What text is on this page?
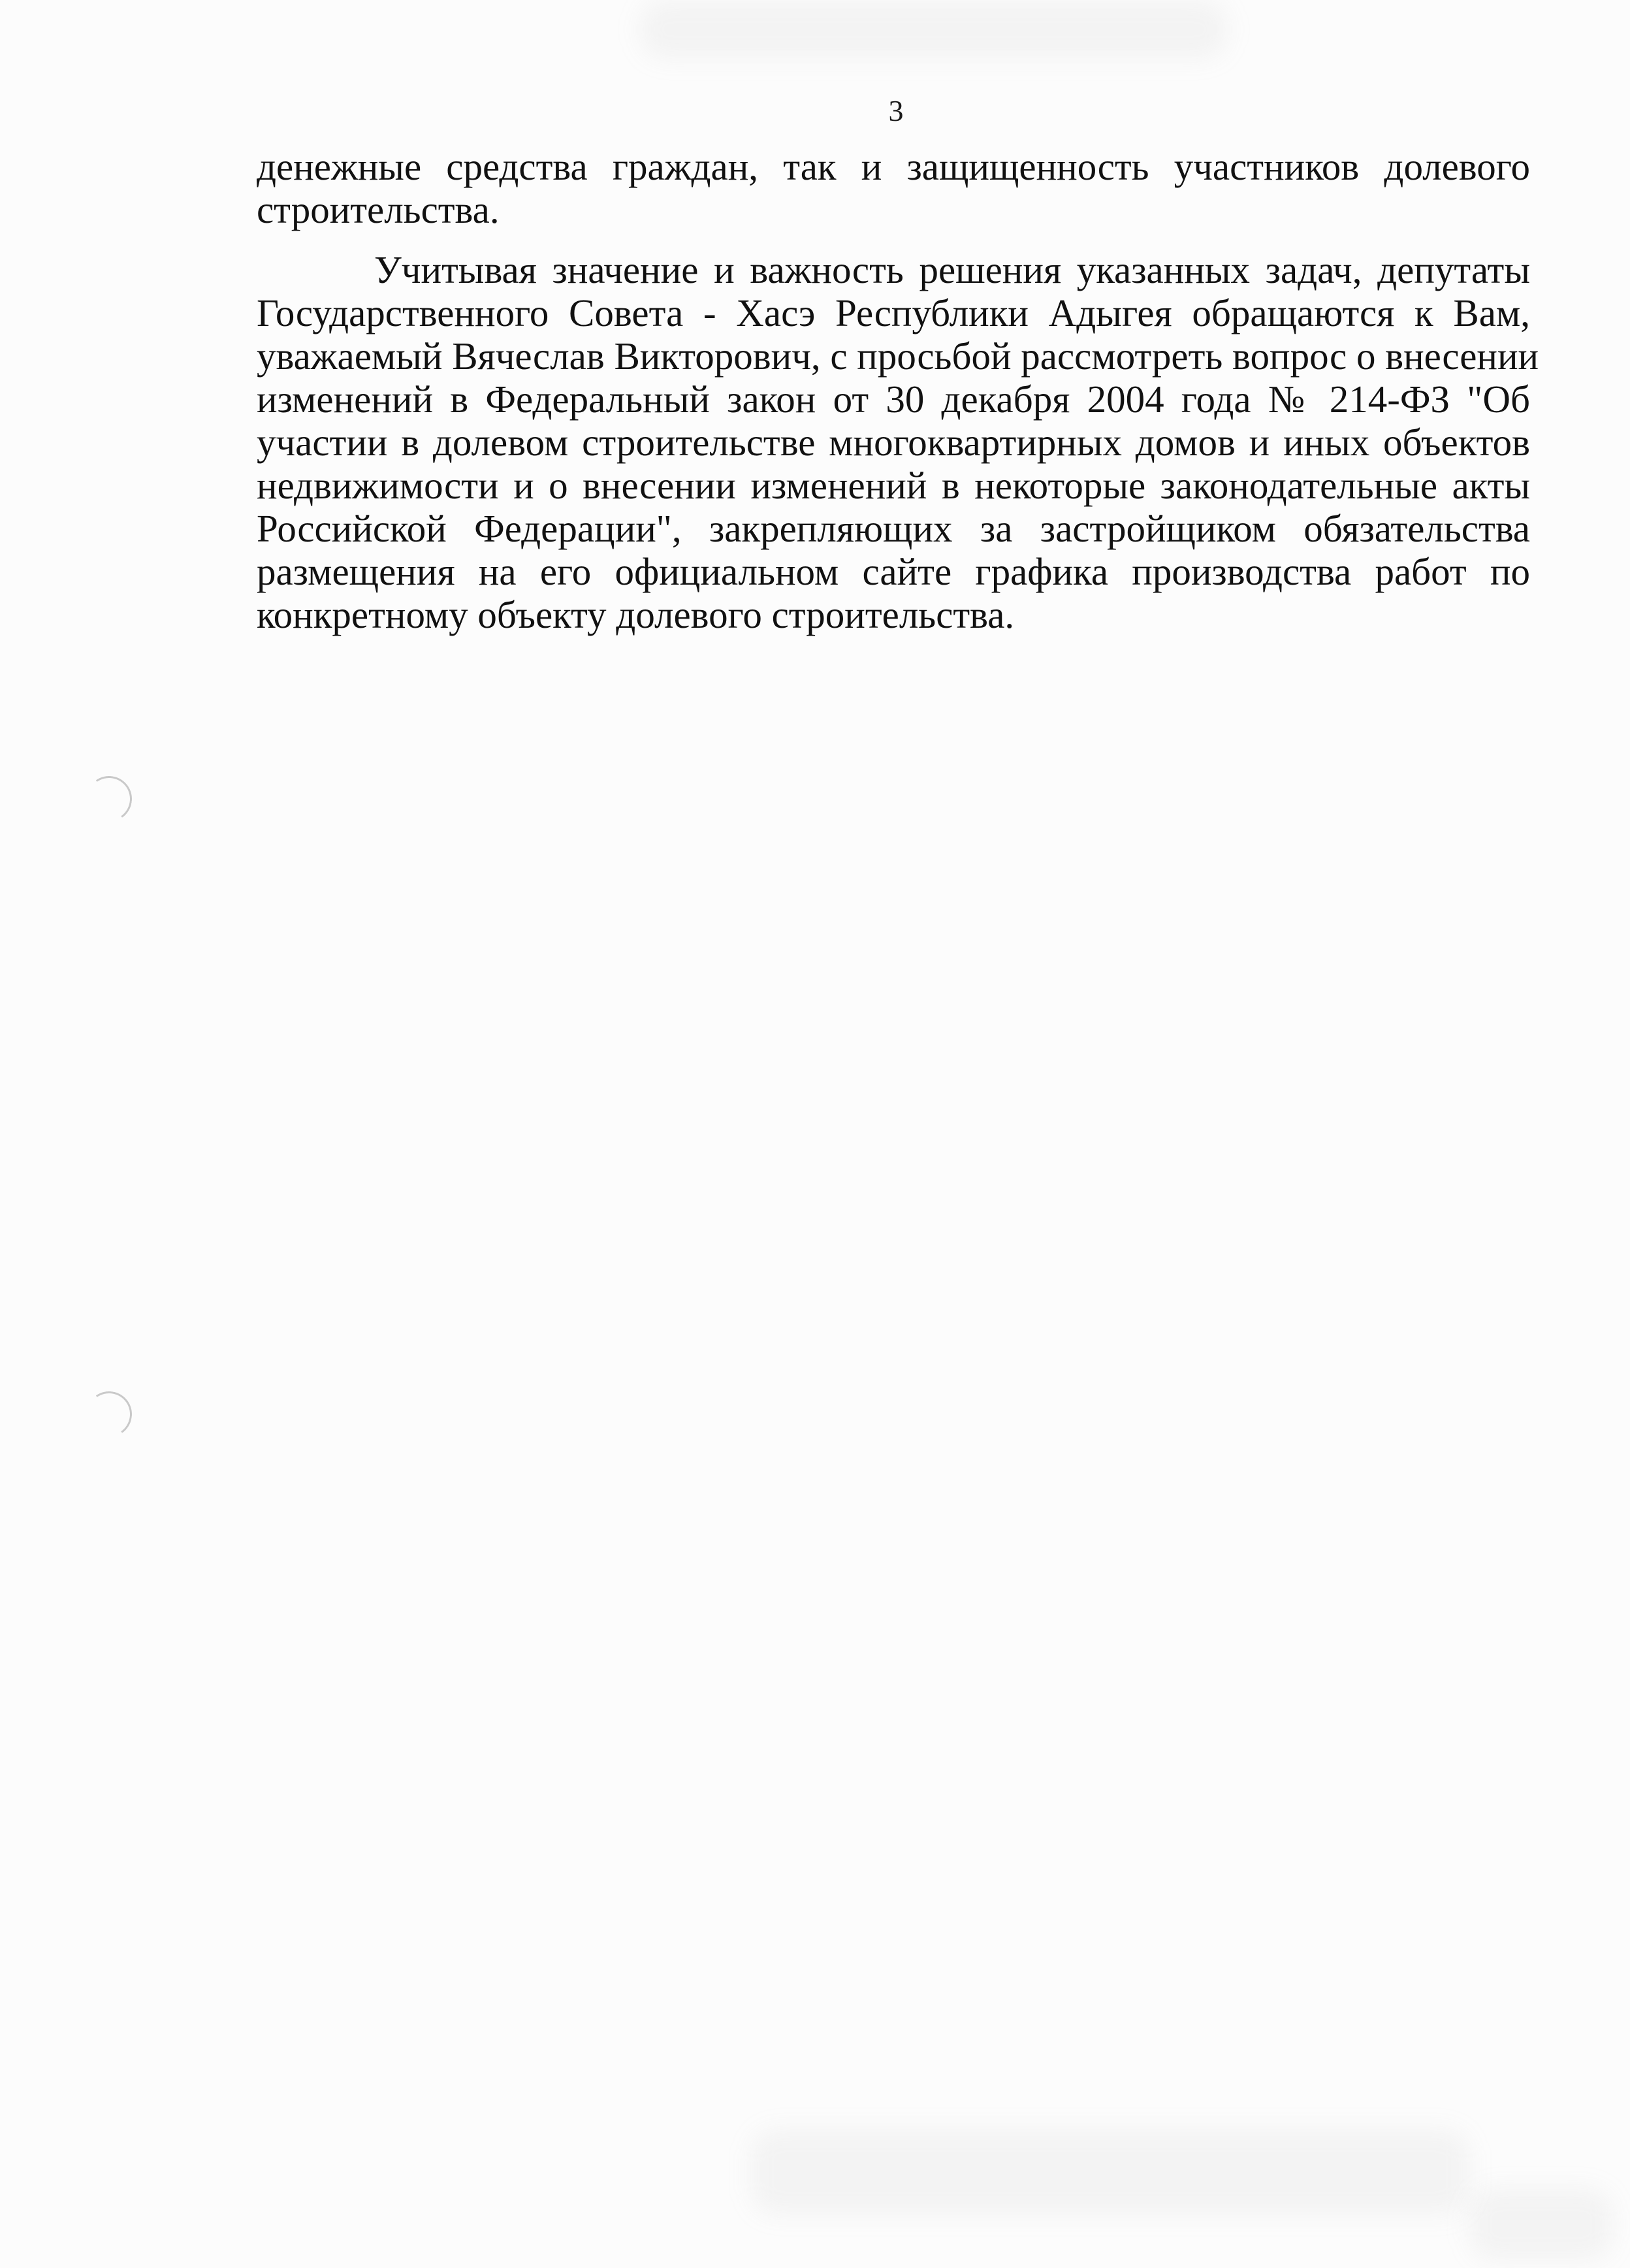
3
денежные средства граждан, так и защищенность участников долевого
строительства.
Учитывая значение и важность решения указанных задач, депутаты
Государственного Совета - Хасэ Республики Адыгея обращаются к Вам,
уважаемый Вячеслав Викторович, с просьбой рассмотреть вопрос о внесении
изменений в Федеральный закон от 30 декабря 2004 года № 214-ФЗ "Об
участии в долевом строительстве многоквартирных домов и иных объектов
недвижимости и о внесении изменений в некоторые законодательные акты
Российской Федерации", закрепляющих за застройщиком обязательства
размещения на его официальном сайте графика производства работ по
конкретному объекту долевого строительства.
